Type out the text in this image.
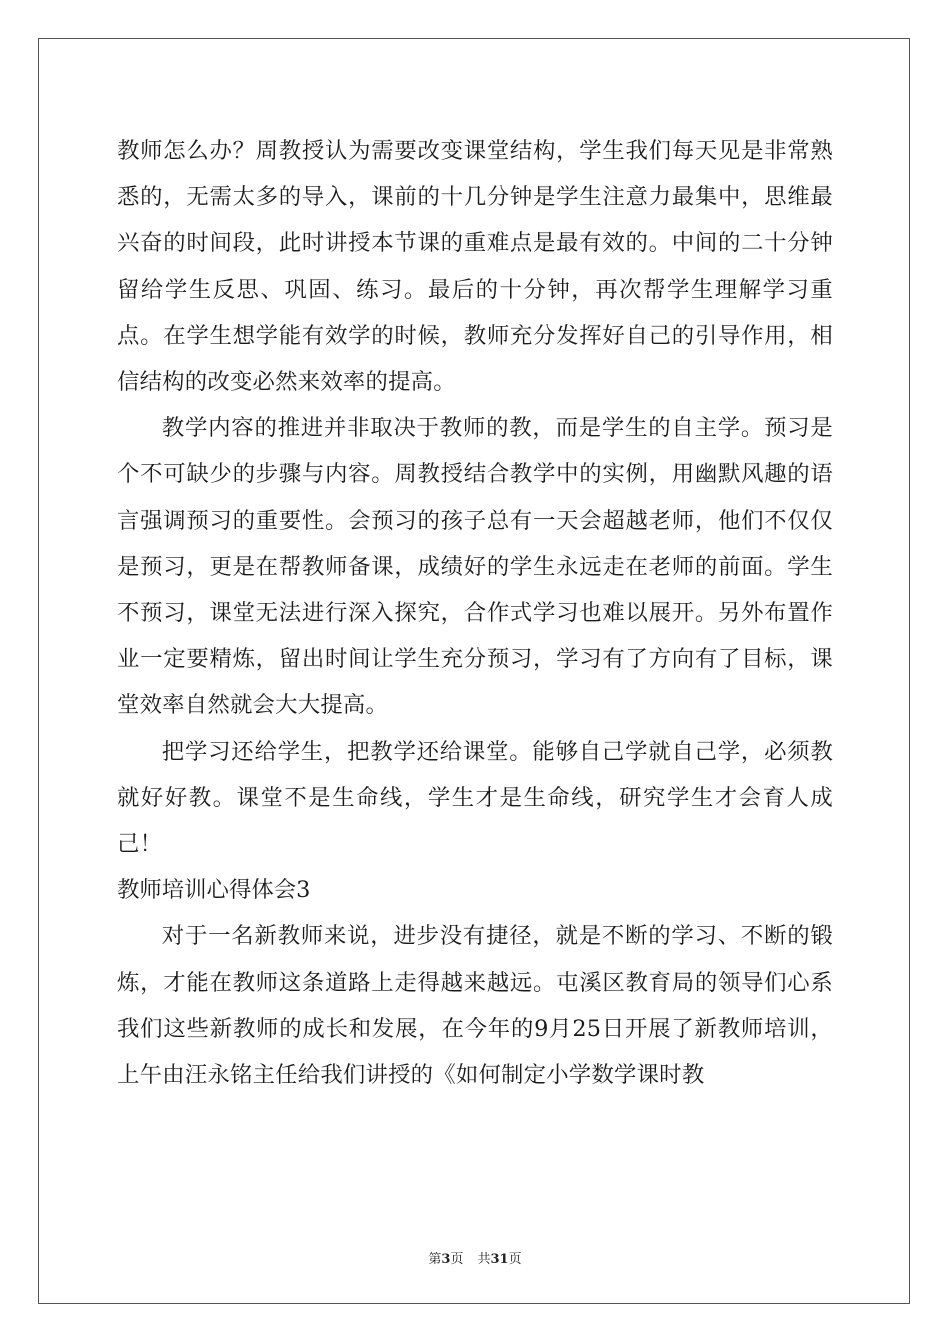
教师怎么办？周教授认为需要改变课堂结构，学生我们每天见是非常熟悉的，无需太多的导入，课前的十几分钟是学生注意力最集中，思维最兴奋的时间段，此时讲授本节课的重难点是最有效的。中间的二十分钟留给学生反思、巩固、练习。最后的十分钟，再次帮学生理解学习重点。在学生想学能有效学的时候，教师充分发挥好自己的引导作用，相信结构的改变必然来效率的提高。

教学内容的推进并非取决于教师的教，而是学生的自主学。预习是个不可缺少的步骤与内容。周教授结合教学中的实例，用幽默风趣的语言强调预习的重要性。会预习的孩子总有一天会超越老师，他们不仅仅是预习，更是在帮教师备课，成绩好的学生永远走在老师的前面。学生不预习，课堂无法进行深入探究，合作式学习也难以展开。另外布置作业一定要精炼，留出时间让学生充分预习，学习有了方向有了目标，课堂效率自然就会大大提高。

把学习还给学生，把教学还给课堂。能够自己学就自己学，必须教就好好教。课堂不是生命线，学生才是生命线，研究学生才会育人成己！

教师培训心得体会3

对于一名新教师来说，进步没有捷径，就是不断的学习、不断的锻炼，才能在教师这条道路上走得越来越远。屯溪区教育局的领导们心系我们这些新教师的成长和发展，在今年的9月25日开展了新教师培训，上午由汪永铭主任给我们讲授的《如何制定小学数学课时教

第3页 共31页
